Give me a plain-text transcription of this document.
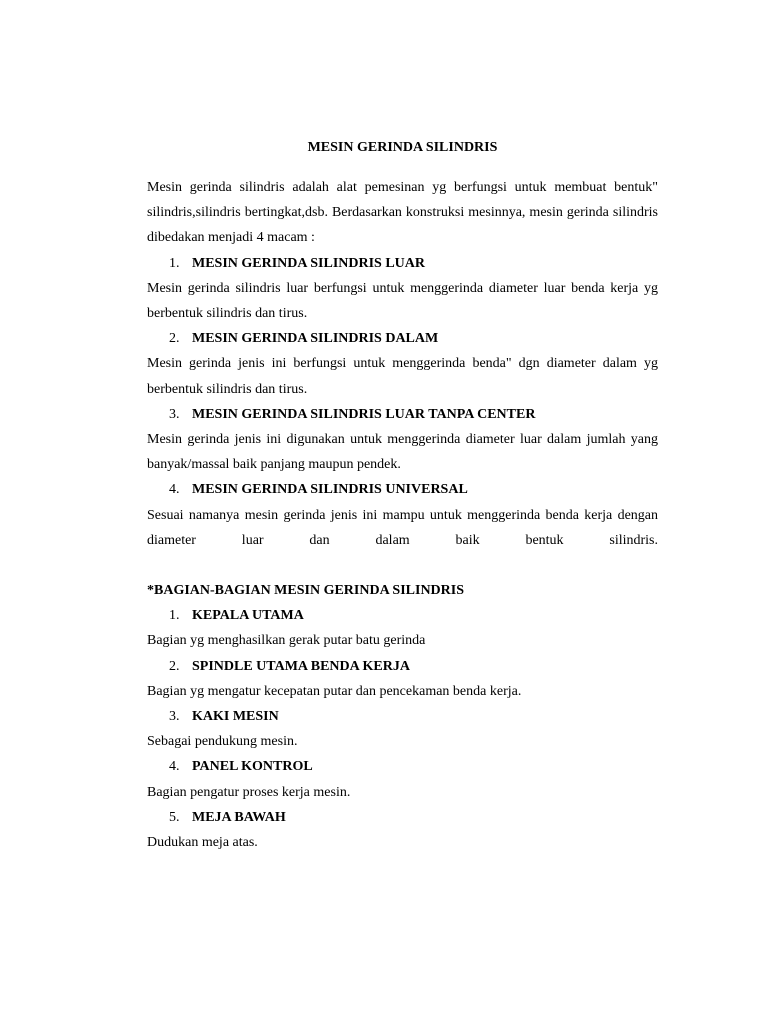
MESIN GERINDA SILINDRIS

Mesin gerinda silindris adalah alat pemesinan yg berfungsi untuk membuat bentuk" silindris,silindris bertingkat,dsb. Berdasarkan konstruksi mesinnya, mesin gerinda silindris dibedakan menjadi 4 macam :

1. MESIN GERINDA SILINDRIS LUAR

Mesin gerinda silindris luar berfungsi untuk menggerinda diameter luar benda kerja yg berbentuk silindris dan tirus.

2. MESIN GERINDA SILINDRIS DALAM

Mesin gerinda jenis ini berfungsi untuk menggerinda benda" dgn diameter dalam yg berbentuk silindris dan tirus.

3. MESIN GERINDA SILINDRIS LUAR TANPA CENTER

Mesin gerinda jenis ini digunakan untuk menggerinda diameter luar dalam jumlah yang banyak/massal baik panjang maupun pendek.

4. MESIN GERINDA SILINDRIS UNIVERSAL

Sesuai namanya mesin gerinda jenis ini mampu untuk menggerinda benda kerja dengan diameter luar dan dalam baik bentuk silindris.

*BAGIAN-BAGIAN MESIN GERINDA SILINDRIS

1. KEPALA UTAMA

Bagian yg menghasilkan gerak putar batu gerinda

2. SPINDLE UTAMA BENDA KERJA

Bagian yg mengatur kecepatan putar dan pencekaman benda kerja.

3. KAKI MESIN

Sebagai pendukung mesin.

4. PANEL KONTROL

Bagian pengatur proses kerja mesin.

5. MEJA BAWAH

Dudukan meja atas.
